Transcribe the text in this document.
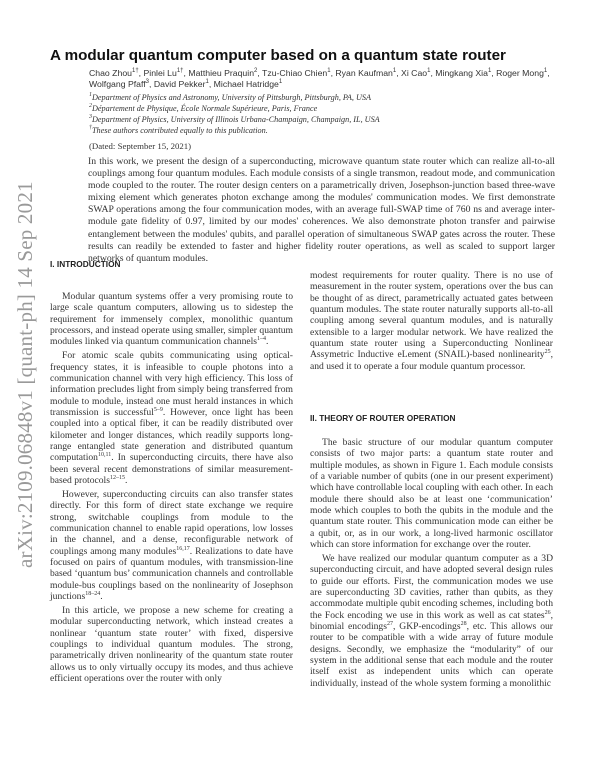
arXiv:2109.06848v1 [quant-ph] 14 Sep 2021
A modular quantum computer based on a quantum state router
Chao Zhou$^{1\dagger}$, Pinlei $Lu^{1\dagger}$, Matthieu Praquin$^2$, Tzu-Chiao Chien$^1$, Ryan Kaufman$^1$, Xi Cao$^1$, Mingkang Xia$^1$, Roger Mong$^1$, Wolfgang Pfaff$^3$, David Pekker$^1$, Michael Hatridge$^1$
$^1$Department of Physics and Astronomy, University of Pittsburgh, Pittsburgh, PA, USA
$^2$Département de Physique, École Normale Supérieure, Paris, France
$^3$Department of Physics, University of Illinois Urbana-Champaign, Champaign, IL, USA
†These authors contributed equally to this publication.
(Dated: September 15, 2021)
In this work, we present the design of a superconducting, microwave quantum state router which can realize all-to-all couplings among four quantum modules. Each module consists of a single transmon, readout mode, and communication mode coupled to the router. The router design centers on a parametrically driven, Josephson-junction based three-wave mixing element which generates photon exchange among the modules' communication modes. We first demonstrate SWAP operations among the four communication modes, with an average full-SWAP time of 760 ns and average inter-module gate fidelity of 0.97, limited by our modes' coherences. We also demonstrate photon transfer and pairwise entanglement between the modules' qubits, and parallel operation of simultaneous SWAP gates across the router. These results can readily be extended to faster and higher fidelity router operations, as well as scaled to support larger networks of quantum modules.
I. INTRODUCTION

Modular quantum systems offer a very promising route to large scale quantum computers, allowing us to sidestep the requirement for immensely complex, monolithic quantum processors, and instead operate using smaller, simpler quantum modules linked via quantum communication channels$^{1-4}$.

For atomic scale qubits communicating using optical-frequency states, it is infeasible to couple photons into a communication channel with very high efficiency. This loss of information precludes light from simply being transferred from module to module, instead one must herald instances in which transmission is successful$^{5-9}$. However, once light has been coupled into a optical fiber, it can be readily distributed over kilometer and longer distances, which readily supports long-range entangled state generation and distributed quantum computation$^{10,11}$. In superconducting circuits, there have also been several recent demonstrations of similar measurement-based protocols$^{12-15}$.

However, superconducting circuits can also transfer states directly. For this form of direct state exchange we require strong, switchable couplings from module to the communication channel to enable rapid operations, low losses in the channel, and a dense, reconfigurable network of couplings among many modules$^{16,17}$. Realizations to date have focused on pairs of quantum modules, with transmission-line based ‘quantum bus’ communication channels and controllable module-bus couplings based on the nonlinearity of Josephson junctions$^{18-24}$.

In this article, we propose a new scheme for creating a modular superconducting network, which instead creates a nonlinear ‘quantum state router’ with fixed, dispersive couplings to individual quantum modules. The strong, parametrically driven nonlinearity of the quantum state router allows us to only virtually occupy its modes, and thus achieve efficient operations over the router with only

modest requirements for router quality. There is no use of measurement in the router system, operations over the bus can be thought of as direct, parametrically actuated gates between quantum modules. The state router naturally supports all-to-all coupling among several quantum modules, and is naturally extensible to a larger modular network. We have realized the quantum state router using a Superconducting Nonlinear Assymetric Inductive eLement (SNAIL)-based nonlinearity$^{25}$, and used it to operate a four module quantum processor.

II. THEORY OF ROUTER OPERATION

The basic structure of our modular quantum computer consists of two major parts: a quantum state router and multiple modules, as shown in Figure 1. Each module consists of a variable number of qubits (one in our present experiment) which have controllable local coupling with each other. In each module there should also be at least one ‘communication’ mode which couples to both the qubits in the module and the quantum state router. This communication mode can either be a qubit, or, as in our work, a long-lived harmonic oscillator which can store information for exchange over the router.

We have realized our modular quantum computer as a 3D superconducting circuit, and have adopted several design rules to guide our efforts. First, the communication modes we use are superconducting 3D cavities, rather than qubits, as they accommodate multiple qubit encoding schemes, including both the Fock encoding we use in this work as well as cat states$^{26}$, binomial encodings$^{27}$, GKP-encodings$^{28}$, etc. This allows our router to be compatible with a wide array of future module designs. Secondly, we emphasize the “modularity” of our system in the additional sense that each module and the router itself exist as independent units which can operate individually, instead of the whole system forming a monolithic
